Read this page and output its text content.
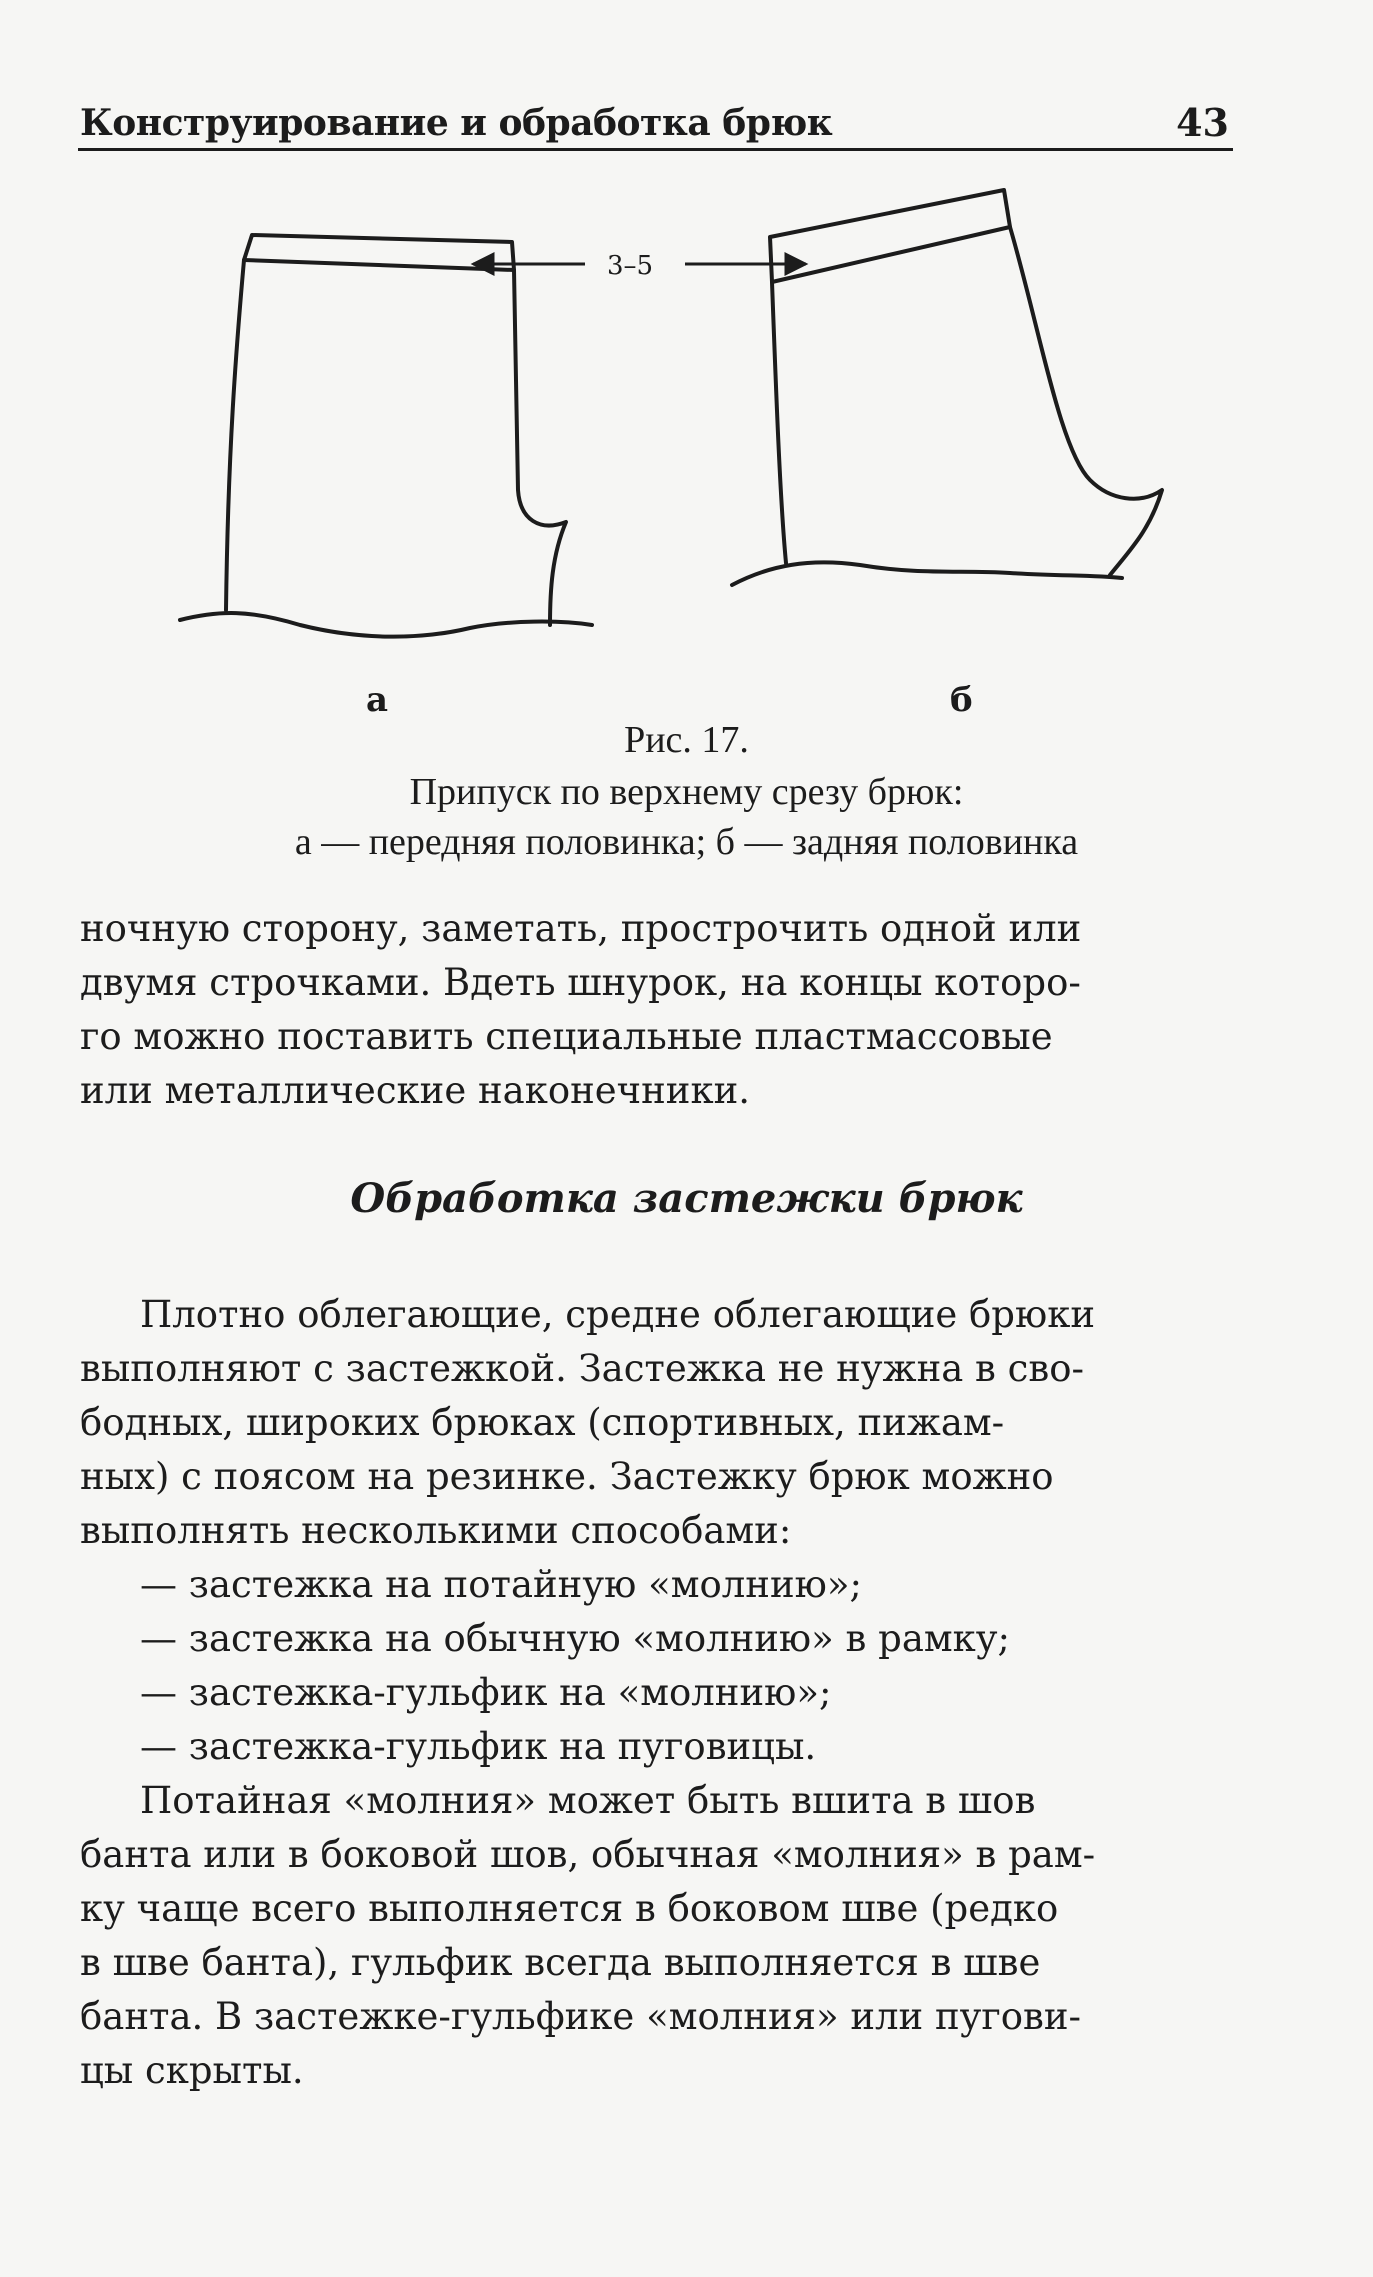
Конструирование и обработка брюк	43
3–5
а	б
Рис. 17.
Припуск по верхнему срезу брюк:
а — передняя половинка; б — задняя половинка
ночную сторону, заметать, прострочить одной или
двумя строчками. Вдеть шнурок, на концы которо-
го можно поставить специальные пластмассовые
или металлические наконечники.
Обработка застежки брюк
Плотно облегающие, средне облегающие брюки
выполняют с застежкой. Застежка не нужна в сво-
бодных, широких брюках (спортивных, пижам-
ных) с поясом на резинке. Застежку брюк можно
выполнять несколькими способами:
— застежка на потайную «молнию»;
— застежка на обычную «молнию» в рамку;
— застежка-гульфик на «молнию»;
— застежка-гульфик на пуговицы.
Потайная «молния» может быть вшита в шов
банта или в боковой шов, обычная «молния» в рам-
ку чаще всего выполняется в боковом шве (редко
в шве банта), гульфик всегда выполняется в шве
банта. В застежке-гульфике «молния» или пугови-
цы скрыты.
